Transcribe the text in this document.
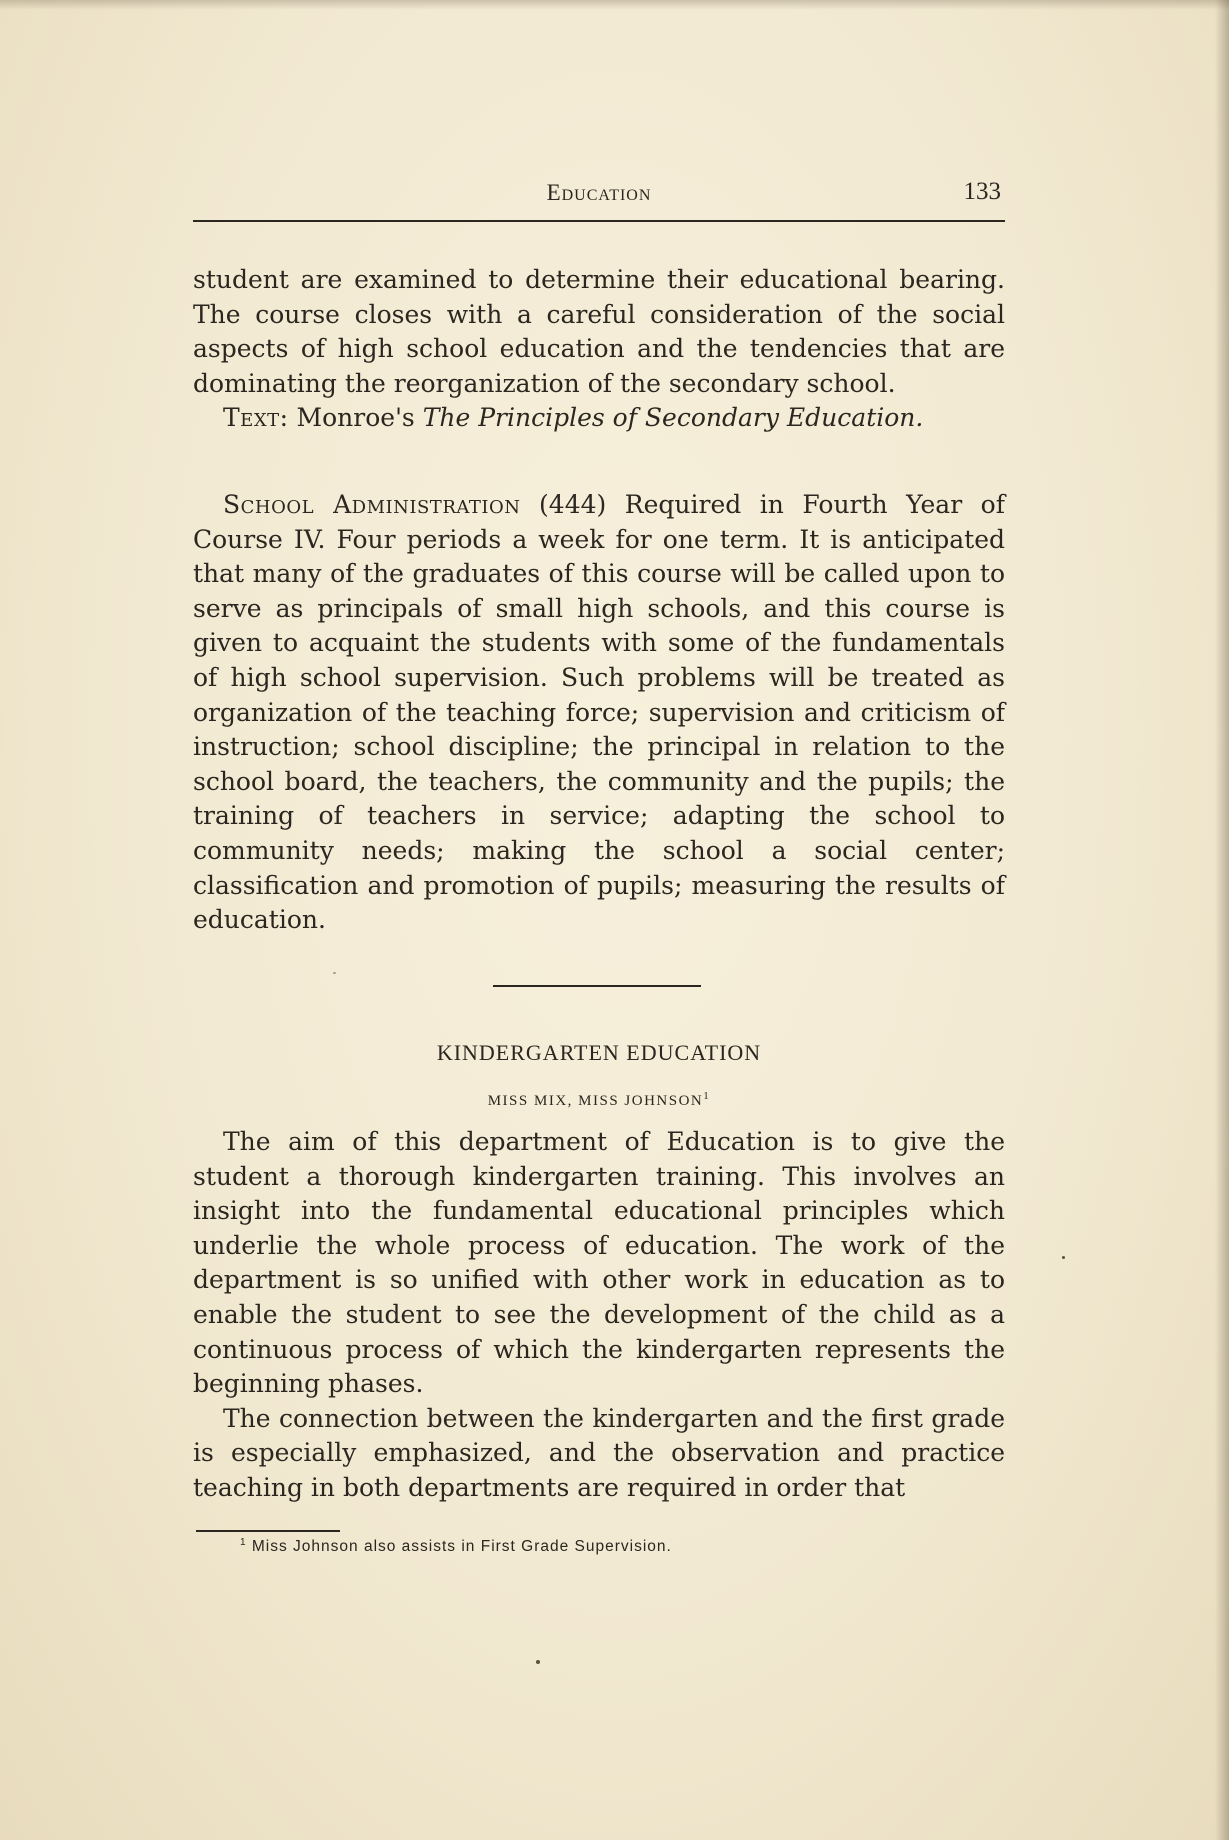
Education	133

student are examined to determine their educational bearing. The course closes with a careful consideration of the social aspects of high school education and the tendencies that are dominating the reorganization of the secondary school.

Text: Monroe's The Principles of Secondary Education.

School Administration (444) Required in Fourth Year of Course IV. Four periods a week for one term. It is anticipated that many of the graduates of this course will be called upon to serve as principals of small high schools, and this course is given to acquaint the students with some of the fundamentals of high school supervision. Such problems will be treated as organization of the teaching force; supervision and criticism of instruction; school discipline; the principal in relation to the school board, the teachers, the community and the pupils; the training of teachers in service; adapting the school to community needs; making the school a social center; classification and promotion of pupils; measuring the results of education.

KINDERGARTEN EDUCATION
MISS MIX, MISS JOHNSON$^1$

The aim of this department of Education is to give the student a thorough kindergarten training. This involves an insight into the fundamental educational principles which underlie the whole process of education. The work of the department is so unified with other work in education as to enable the student to see the development of the child as a continuous process of which the kindergarten represents the beginning phases.

The connection between the kindergarten and the first grade is especially emphasized, and the observation and practice teaching in both departments are required in order that

$^1$ Miss Johnson also assists in First Grade Supervision.
